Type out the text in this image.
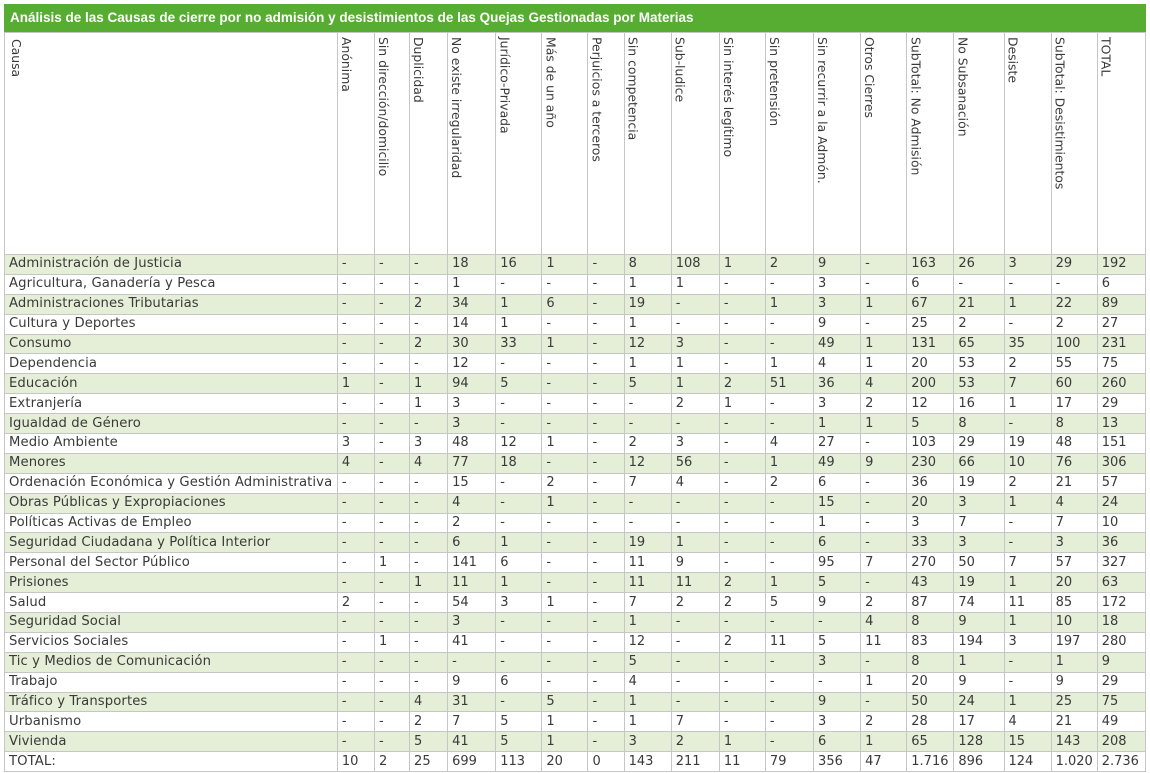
Análisis de las Causas de cierre por no admisión y desistimientos de las Quejas Gestionadas por Materias
Causa	Anónima	Sin dirección/domicilio	Duplicidad	No existe irregularidad	Jurídico-Privada	Más de un año	Perjuicios a terceros	Sin competencia	Sub-ludice	Sin interés legítimo	Sin pretensión	Sin recurrir a la Admón.	Otros Cierres	SubTotal: No Admisión	No Subsanación	Desiste	SubTotal: Desistimientos	TOTAL
Administración de Justicia	-	-	-	18	16	1	-	8	108	1	2	9	-	163	26	3	29	192
Agricultura, Ganadería y Pesca	-	-	-	1	-	-	-	1	1	-	-	3	-	6	-	-	-	6
Administraciones Tributarias	-	-	2	34	1	6	-	19	-	-	1	3	1	67	21	1	22	89
Cultura y Deportes	-	-	-	14	1	-	-	1	-	-	-	9	-	25	2	-	2	27
Consumo	-	-	2	30	33	1	-	12	3	-	-	49	1	131	65	35	100	231
Dependencia	-	-	-	12	-	-	-	1	1	-	1	4	1	20	53	2	55	75
Educación	1	-	1	94	5	-	-	5	1	2	51	36	4	200	53	7	60	260
Extranjería	-	-	1	3	-	-	-	-	2	1	-	3	2	12	16	1	17	29
Igualdad de Género	-	-	-	3	-	-	-	-	-	-	-	1	1	5	8	-	8	13
Medio Ambiente	3	-	3	48	12	1	-	2	3	-	4	27	-	103	29	19	48	151
Menores	4	-	4	77	18	-	-	12	56	-	1	49	9	230	66	10	76	306
Ordenación Económica y Gestión Administrativa	-	-	-	15	-	2	-	7	4	-	2	6	-	36	19	2	21	57
Obras Públicas y Expropiaciones	-	-	-	4	-	1	-	-	-	-	-	15	-	20	3	1	4	24
Políticas Activas de Empleo	-	-	-	2	-	-	-	-	-	-	-	1	-	3	7	-	7	10
Seguridad Ciudadana y Política Interior	-	-	-	6	1	-	-	19	1	-	-	6	-	33	3	-	3	36
Personal del Sector Público	-	1	-	141	6	-	-	11	9	-	-	95	7	270	50	7	57	327
Prisiones	-	-	1	11	1	-	-	11	11	2	1	5	-	43	19	1	20	63
Salud	2	-	-	54	3	1	-	7	2	2	5	9	2	87	74	11	85	172
Seguridad Social	-	-	-	3	-	-	-	1	-	-	-	-	4	8	9	1	10	18
Servicios Sociales	-	1	-	41	-	-	-	12	-	2	11	5	11	83	194	3	197	280
Tic y Medios de Comunicación	-	-	-	-	-	-	-	5	-	-	-	3	-	8	1	-	1	9
Trabajo	-	-	-	9	6	-	-	4	-	-	-	-	1	20	9	-	9	29
Tráfico y Transportes	-	-	4	31	-	5	-	1	-	-	-	9	-	50	24	1	25	75
Urbanismo	-	-	2	7	5	1	-	1	7	-	-	3	2	28	17	4	21	49
Vivienda	-	-	5	41	5	1	-	3	2	1	-	6	1	65	128	15	143	208
TOTAL:	10	2	25	699	113	20	0	143	211	11	79	356	47	1.716	896	124	1.020	2.736
